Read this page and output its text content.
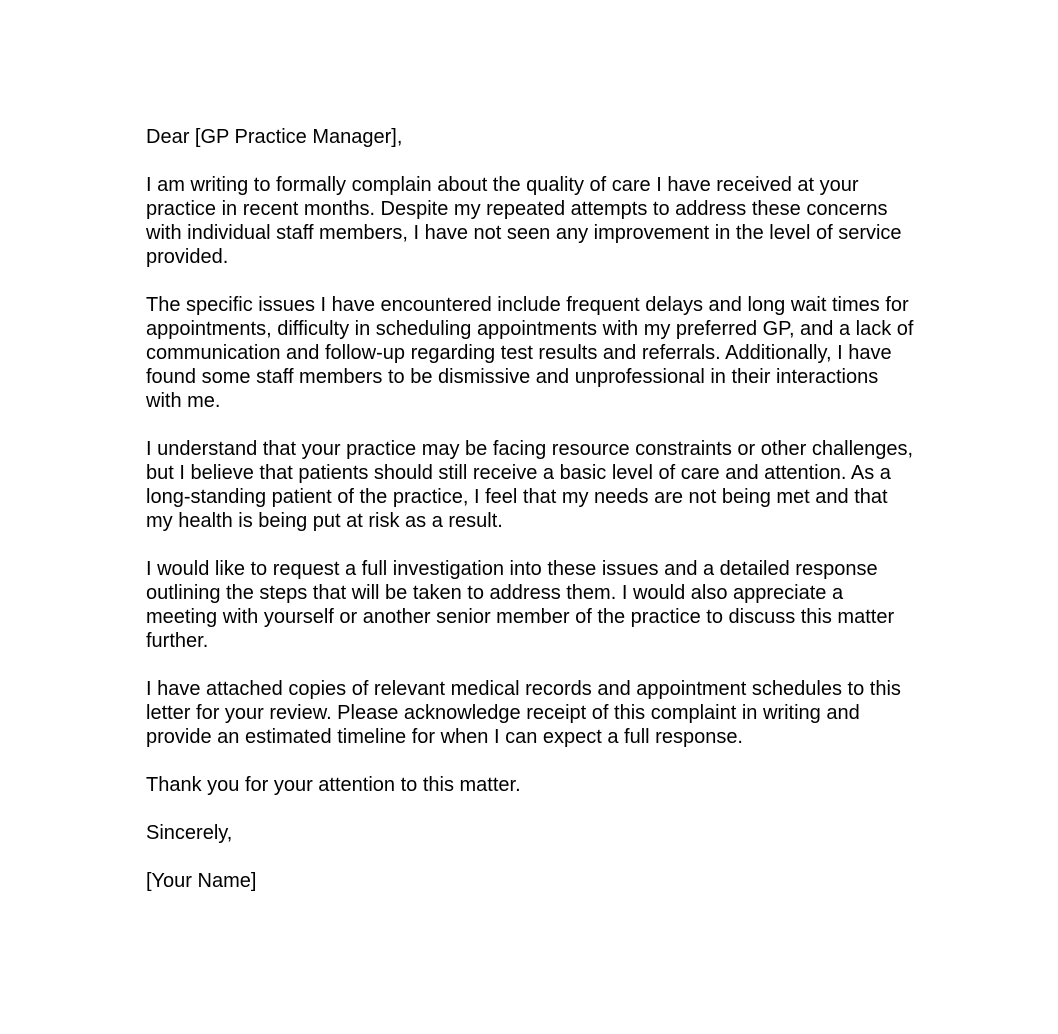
Dear [GP Practice Manager],

I am writing to formally complain about the quality of care I have received at your practice in recent months. Despite my repeated attempts to address these concerns with individual staff members, I have not seen any improvement in the level of service provided.

The specific issues I have encountered include frequent delays and long wait times for appointments, difficulty in scheduling appointments with my preferred GP, and a lack of communication and follow-up regarding test results and referrals. Additionally, I have found some staff members to be dismissive and unprofessional in their interactions with me.

I understand that your practice may be facing resource constraints or other challenges, but I believe that patients should still receive a basic level of care and attention. As a long-standing patient of the practice, I feel that my needs are not being met and that my health is being put at risk as a result.

I would like to request a full investigation into these issues and a detailed response outlining the steps that will be taken to address them. I would also appreciate a meeting with yourself or another senior member of the practice to discuss this matter further.

I have attached copies of relevant medical records and appointment schedules to this letter for your review. Please acknowledge receipt of this complaint in writing and provide an estimated timeline for when I can expect a full response.

Thank you for your attention to this matter.

Sincerely,

[Your Name]
